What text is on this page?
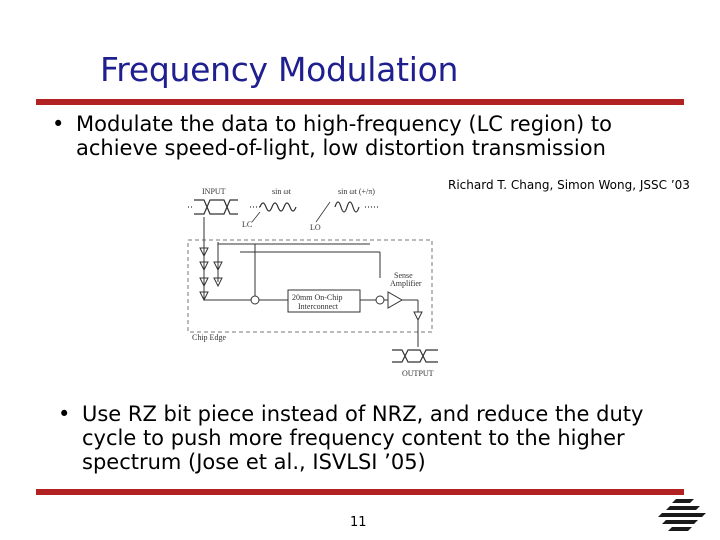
Frequency Modulation
• Modulate the data to high-frequency (LC region) to achieve speed-of-light, low distortion transmission
Richard T. Chang, Simon Wong, JSSC ’03
INPUT	sin ωt	sin ωt (+/π)
LC	LO
20mm On-Chip
Interconnect
Sense
Amplifier
Chip Edge
OUTPUT
• Use RZ bit piece instead of NRZ, and reduce the duty cycle to push more frequency content to the higher spectrum (Jose et al., ISVLSI ’05)
11
